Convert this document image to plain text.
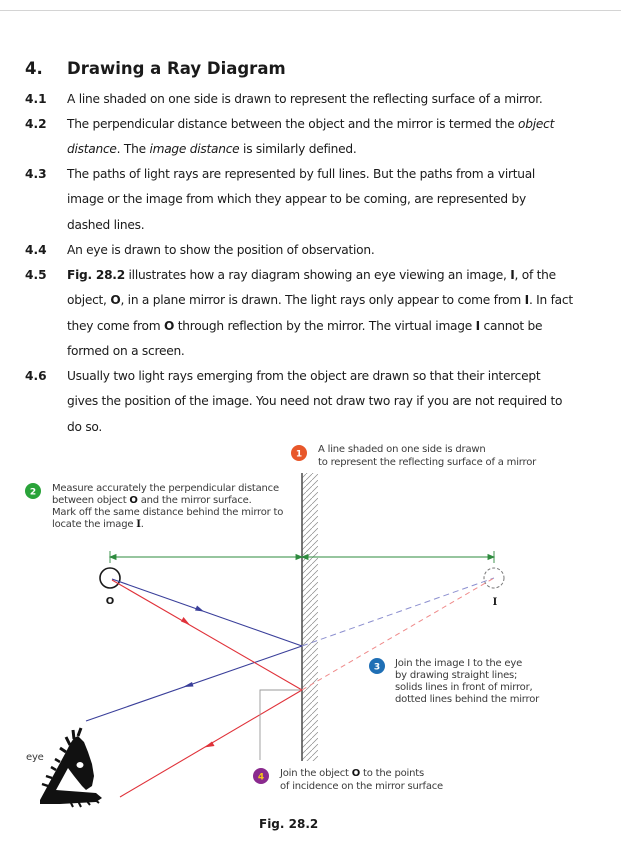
4. Drawing a Ray Diagram
4.1 A line shaded on one side is drawn to represent the reflecting surface of a mirror.
4.2 The perpendicular distance between the object and the mirror is termed the object
distance. The image distance is similarly defined.
4.3 The paths of light rays are represented by full lines. But the paths from a virtual
image or the image from which they appear to be coming, are represented by
dashed lines.
4.4 An eye is drawn to show the position of observation.
4.5 Fig. 28.2 illustrates how a ray diagram showing an eye viewing an image, I, of the
object, O, in a plane mirror is drawn. The light rays only appear to come from I. In fact
they come from O through reflection by the mirror. The virtual image I cannot be
formed on a screen.
4.6 Usually two light rays emerging from the object are drawn so that their intercept
gives the position of the image. You need not draw two ray if you are not required to
do so.
O	I
eye
1 A line shaded on one side is drawn
to represent the reflecting surface of a mirror
2 Measure accurately the perpendicular distance
between object O and the mirror surface.
Mark off the same distance behind the mirror to
locate the image I.
3 Join the image I to the eye
by drawing straight lines;
solids lines in front of mirror,
dotted lines behind the mirror
4 Join the object O to the points
of incidence on the mirror surface
Fig. 28.2
